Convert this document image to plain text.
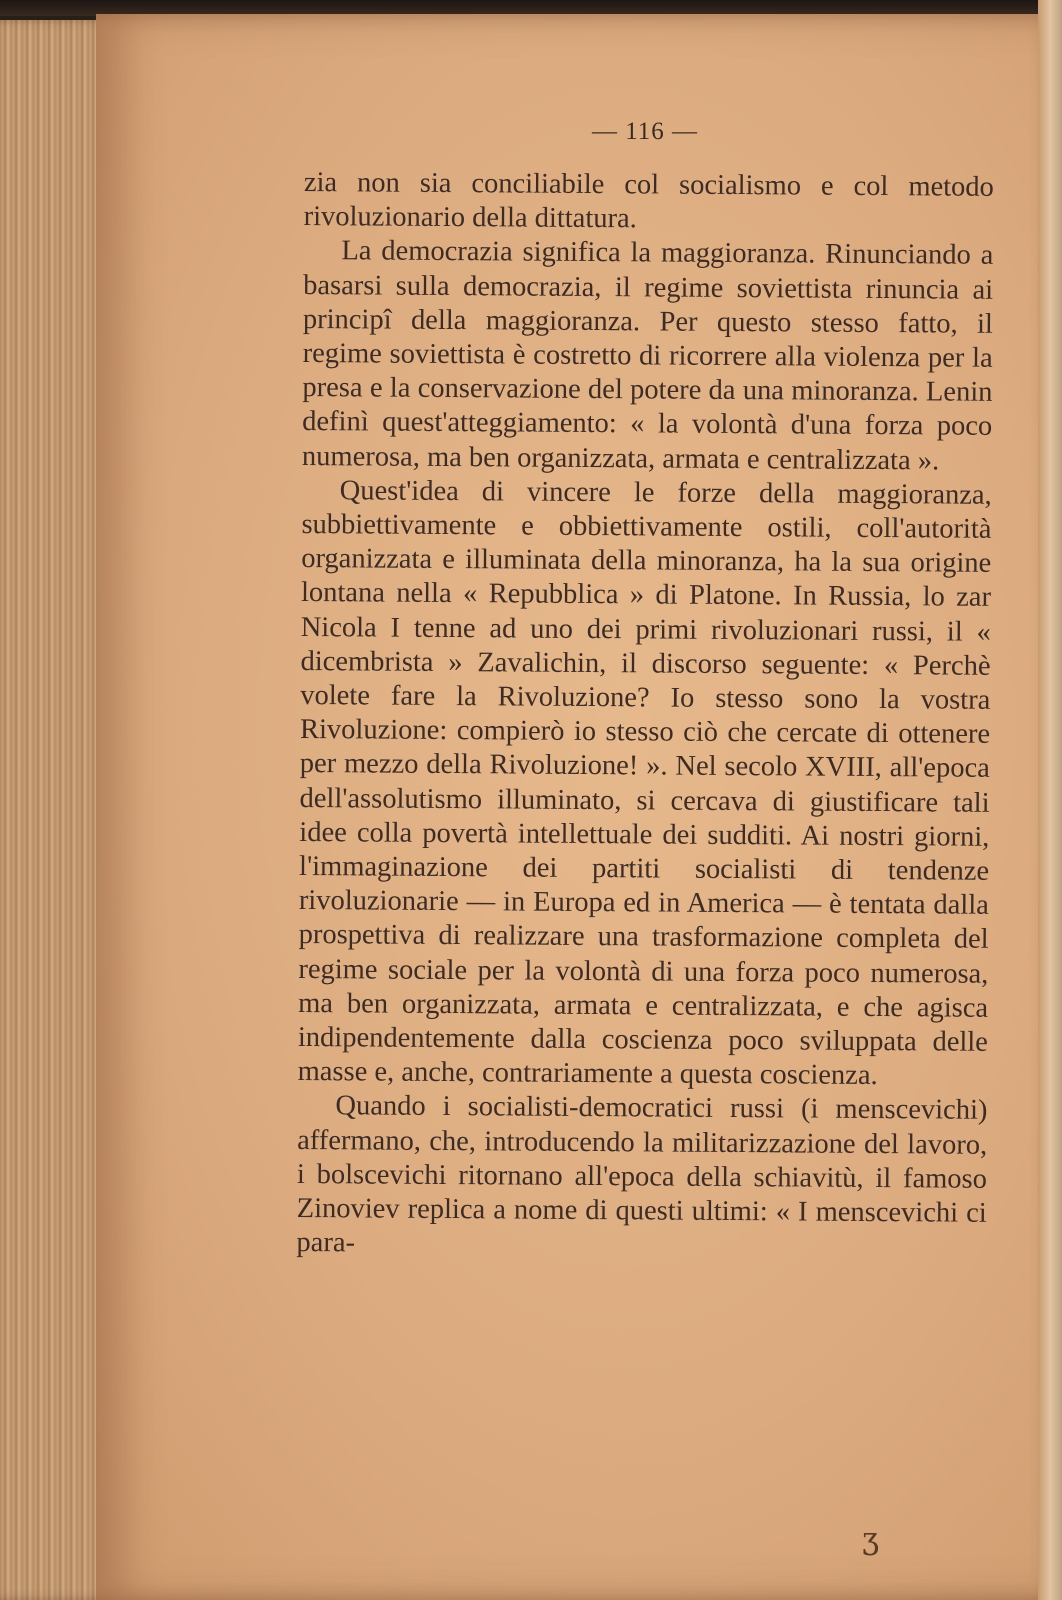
— 116 —

zia non sia conciliabile col socialismo e col metodo rivoluzionario della dittatura.

La democrazia significa la maggioranza. Rinunciando a basarsi sulla democrazia, il regime soviettista rinuncia ai principî della maggioranza. Per questo stesso fatto, il regime soviettista è costretto di ricorrere alla violenza per la presa e la conservazione del potere da una minoranza. Lenin definì quest'atteggiamento: « la volontà d'una forza poco numerosa, ma ben organizzata, armata e centralizzata ».

Quest'idea di vincere le forze della maggioranza, subbiettivamente e obbiettivamente ostili, coll'autorità organizzata e illuminata della minoranza, ha la sua origine lontana nella « Repubblica » di Platone. In Russia, lo zar Nicola I tenne ad uno dei primi rivoluzionari russi, il « dicembrista » Zavalichin, il discorso seguente: « Perchè volete fare la Rivoluzione? Io stesso sono la vostra Rivoluzione: compierò io stesso ciò che cercate di ottenere per mezzo della Rivoluzione! ». Nel secolo XVIII, all'epoca dell'assolutismo illuminato, si cercava di giustificare tali idee colla povertà intellettuale dei sudditi. Ai nostri giorni, l'immaginazione dei partiti socialisti di tendenze rivoluzionarie — in Europa ed in America — è tentata dalla prospettiva di realizzare una trasformazione completa del regime sociale per la volontà di una forza poco numerosa, ma ben organizzata, armata e centralizzata, e che agisca indipendentemente dalla coscienza poco sviluppata delle masse e, anche, contrariamente a questa coscienza.

Quando i socialisti-democratici russi (i menscevichi) affermano, che, introducendo la militarizzazione del lavoro, i bolscevichi ritornano all'epoca della schiavitù, il famoso Zinoviev replica a nome di questi ultimi: « I menscevichi ci para-

ʒ
